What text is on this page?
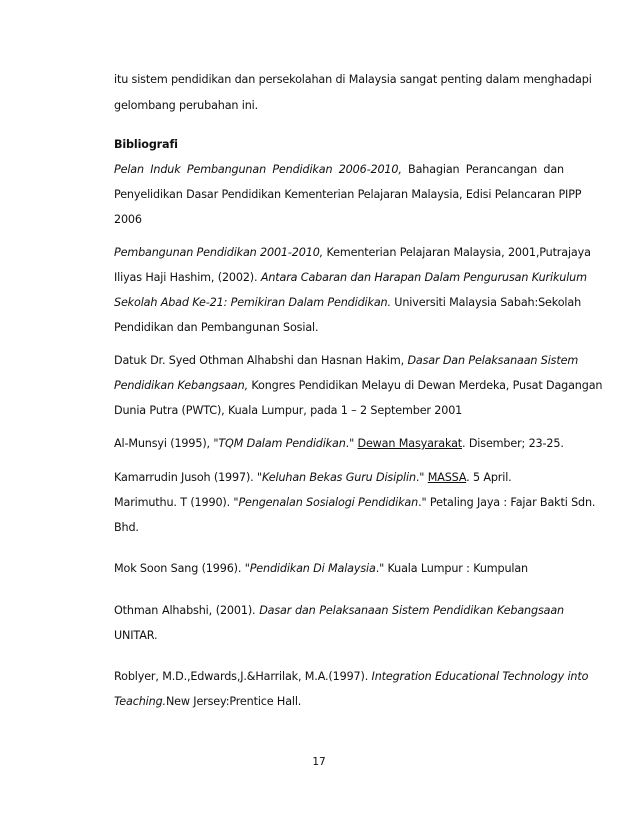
itu sistem pendidikan dan persekolahan di Malaysia sangat penting dalam menghadapi
gelombang perubahan ini.
Bibliografi
Pelan Induk Pembangunan Pendidikan 2006-2010, Bahagian Perancangan dan
Penyelidikan Dasar Pendidikan Kementerian Pelajaran Malaysia, Edisi Pelancaran PIPP
2006
Pembangunan Pendidikan 2001-2010, Kementerian Pelajaran Malaysia, 2001,Putrajaya
Iliyas Haji Hashim, (2002). Antara Cabaran dan Harapan Dalam Pengurusan Kurikulum
Sekolah Abad Ke-21: Pemikiran Dalam Pendidikan. Universiti Malaysia Sabah:Sekolah
Pendidikan dan Pembangunan Sosial.
Datuk Dr. Syed Othman Alhabshi dan Hasnan Hakim, Dasar Dan Pelaksanaan Sistem
Pendidikan Kebangsaan, Kongres Pendidikan Melayu di Dewan Merdeka, Pusat Dagangan
Dunia Putra (PWTC), Kuala Lumpur, pada 1 – 2 September 2001
Al-Munsyi (1995), "TQM Dalam Pendidikan." Dewan Masyarakat. Disember; 23-25.
Kamarrudin Jusoh (1997). "Keluhan Bekas Guru Disiplin." MASSA. 5 April.
Marimuthu. T (1990). "Pengenalan Sosialogi Pendidikan." Petaling Jaya : Fajar Bakti Sdn.
Bhd.
Mok Soon Sang (1996). "Pendidikan Di Malaysia." Kuala Lumpur : Kumpulan
Othman Alhabshi, (2001). Dasar dan Pelaksanaan Sistem Pendidikan Kebangsaan
UNITAR.
Roblyer, M.D.,Edwards,J.&Harrilak, M.A.(1997). Integration Educational Technology into
Teaching.New Jersey:Prentice Hall.
17
